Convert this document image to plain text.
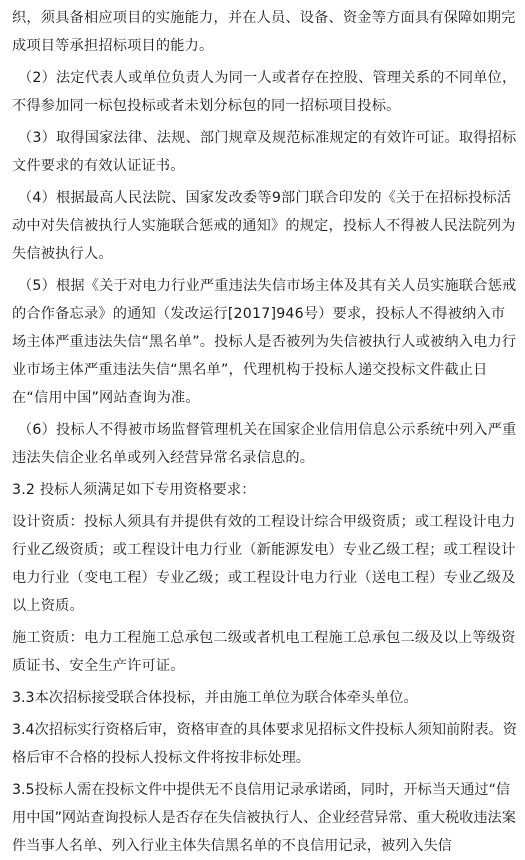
织，须具备相应项目的实施能力，并在人员、设备、资金等方面具有保障如期完成项目等承担招标项目的能力。

（2）法定代表人或单位负责人为同一人或者存在控股、管理关系的不同单位，不得参加同一标包投标或者未划分标包的同一招标项目投标。

（3）取得国家法律、法规、部门规章及规范标准规定的有效许可证。取得招标文件要求的有效认证证书。

（4）根据最高人民法院、国家发改委等9部门联合印发的《关于在招标投标活动中对失信被执行人实施联合惩戒的通知》的规定，投标人不得被人民法院列为失信被执行人。

（5）根据《关于对电力行业严重违法失信市场主体及其有关人员实施联合惩戒的合作备忘录》的通知（发改运行[2017]946号）要求，投标人不得被纳入市场主体严重违法失信“黑名单”。投标人是否被列为失信被执行人或被纳入电力行业市场主体严重违法失信“黑名单”，代理机构于投标人递交投标文件截止日在“信用中国”网站查询为准。

（6）投标人不得被市场监督管理机关在国家企业信用信息公示系统中列入严重违法失信企业名单或列入经营异常名录信息的。

3.2 投标人须满足如下专用资格要求：

设计资质：投标人须具有并提供有效的工程设计综合甲级资质；或工程设计电力行业乙级资质；或工程设计电力行业（新能源发电）专业乙级工程；或工程设计电力行业（变电工程）专业乙级；或工程设计电力行业（送电工程）专业乙级及以上资质。

施工资质：电力工程施工总承包二级或者机电工程施工总承包二级及以上等级资质证书、安全生产许可证。

3.3本次招标接受联合体投标，并由施工单位为联合体牵头单位。

3.4次招标实行资格后审，资格审查的具体要求见招标文件投标人须知前附表。资格后审不合格的投标人投标文件将按非标处理。

3.5投标人需在投标文件中提供无不良信用记录承诺函，同时，开标当天通过“信用中国”网站查询投标人是否存在失信被执行人、企业经营异常、重大税收违法案件当事人名单、列入行业主体失信黑名单的不良信用记录，被列入失信
